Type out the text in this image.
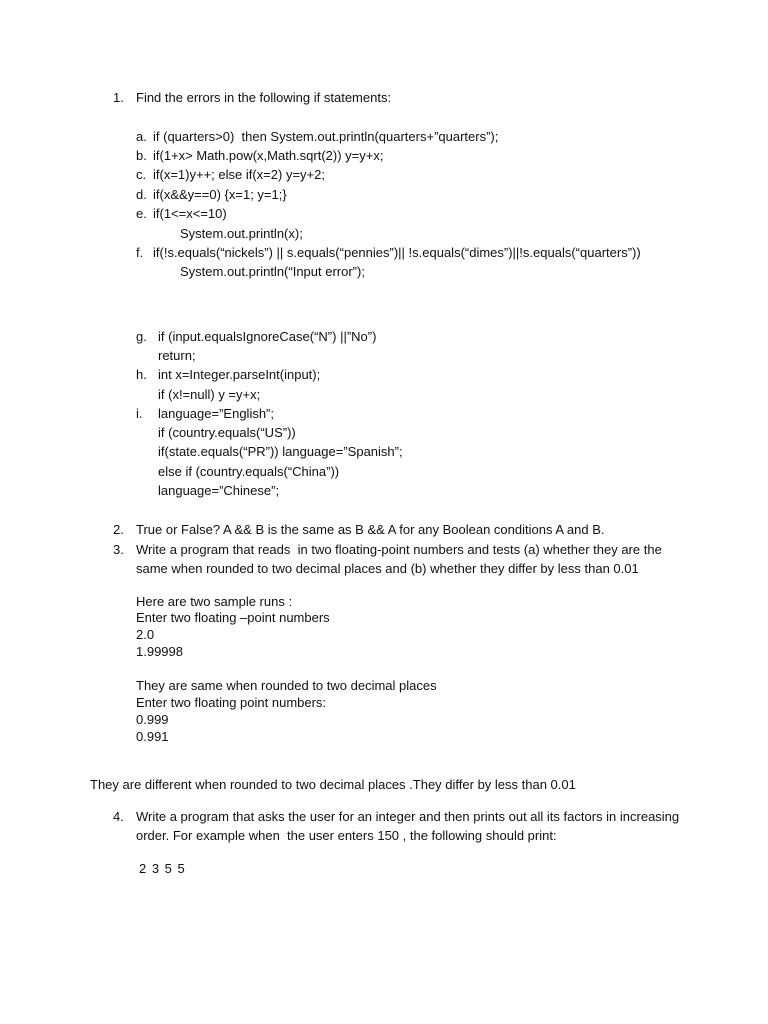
1. Find the errors in the following if statements:
a. if (quarters>0)  then System.out.println(quarters+”quarters”);
b. if(1+x> Math.pow(x,Math.sqrt(2)) y=y+x;
c. if(x=1)y++; else if(x=2) y=y+2;
d. if(x&&y==0) {x=1; y=1;}
e. if(1<=x<=10)
System.out.println(x);
f. if(!s.equals(“nickels”) || s.equals(“pennies”)|| !s.equals(“dimes”)||!s.equals(“quarters”))
System.out.println(“Input error”);
g. if (input.equalsIgnoreCase(“N”) ||”No”)
return;
h. int x=Integer.parseInt(input);
if (x!=null) y =y+x;
i. language=”English”;
if (country.equals(“US”))
if(state.equals(“PR”)) language=”Spanish”;
else if (country.equals(“China”))
language=”Chinese”;
2. True or False? A && B is the same as B && A for any Boolean conditions A and B.
3. Write a program that reads  in two floating-point numbers and tests (a) whether they are the
same when rounded to two decimal places and (b) whether they differ by less than 0.01
Here are two sample runs :
Enter two floating –point numbers
2.0
1.99998
They are same when rounded to two decimal places
Enter two floating point numbers:
0.999
0.991
They are different when rounded to two decimal places .They differ by less than 0.01
4. Write a program that asks the user for an integer and then prints out all its factors in increasing
order. For example when  the user enters 150 , the following should print:
2 3 5 5
